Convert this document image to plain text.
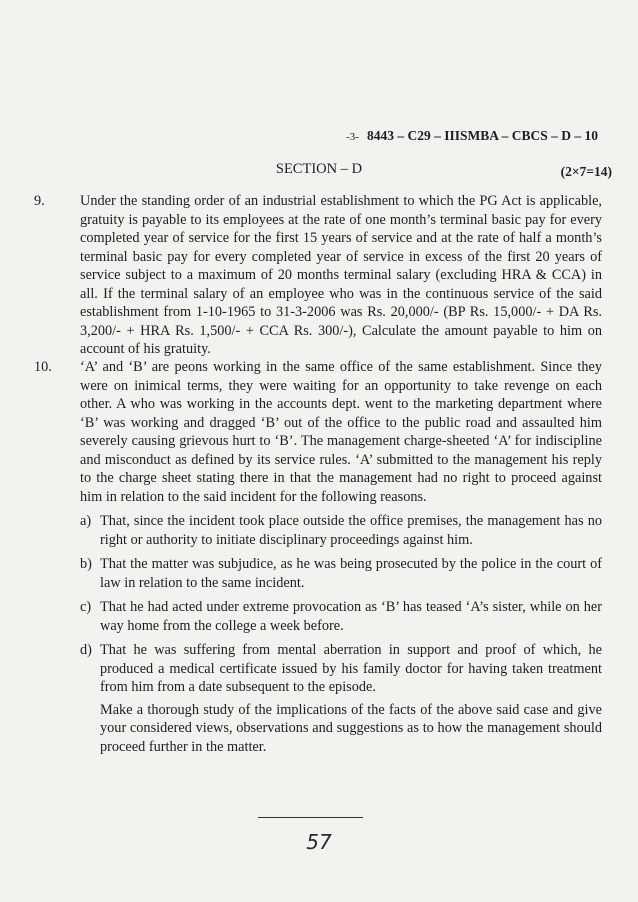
-3- 8443 – C29 – IIISMBA – CBCS – D – 10
SECTION – D	(2×7=14)
9. Under the standing order of an industrial establishment to which the PG Act is applicable, gratuity is payable to its employees at the rate of one month’s terminal basic pay for every completed year of service for the first 15 years of service and at the rate of half a month’s terminal basic pay for every completed year of service in excess of the first 20 years of service subject to a maximum of 20 months terminal salary (excluding HRA & CCA) in all. If the terminal salary of an employee who was in the continuous service of the said establishment from 1-10-1965 to 31-3-2006 was Rs. 20,000/- (BP Rs. 15,000/- + DA Rs. 3,200/- + HRA Rs. 1,500/- + CCA Rs. 300/-), Calculate the amount payable to him on account of his gratuity.
10. ‘A’ and ‘B’ are peons working in the same office of the same establishment. Since they were on inimical terms, they were waiting for an opportunity to take revenge on each other. A who was working in the accounts dept. went to the marketing department where ‘B’ was working and dragged ‘B’ out of the office to the public road and assaulted him severely causing grievous hurt to ‘B’. The management charge-sheeted ‘A’ for indiscipline and misconduct as defined by its service rules. ‘A’ submitted to the management his reply to the charge sheet stating there in that the management had no right to proceed against him in relation to the said incident for the following reasons.
a) That, since the incident took place outside the office premises, the management has no right or authority to initiate disciplinary proceedings against him.
b) That the matter was subjudice, as he was being prosecuted by the police in the court of law in relation to the same incident.
c) That he had acted under extreme provocation as ‘B’ has teased ‘A’s sister, while on her way home from the college a week before.
d) That he was suffering from mental aberration in support and proof of which, he produced a medical certificate issued by his family doctor for having taken treatment from him from a date subsequent to the episode.
Make a thorough study of the implications of the facts of the above said case and give your considered views, observations and suggestions as to how the management should proceed further in the matter.
57
